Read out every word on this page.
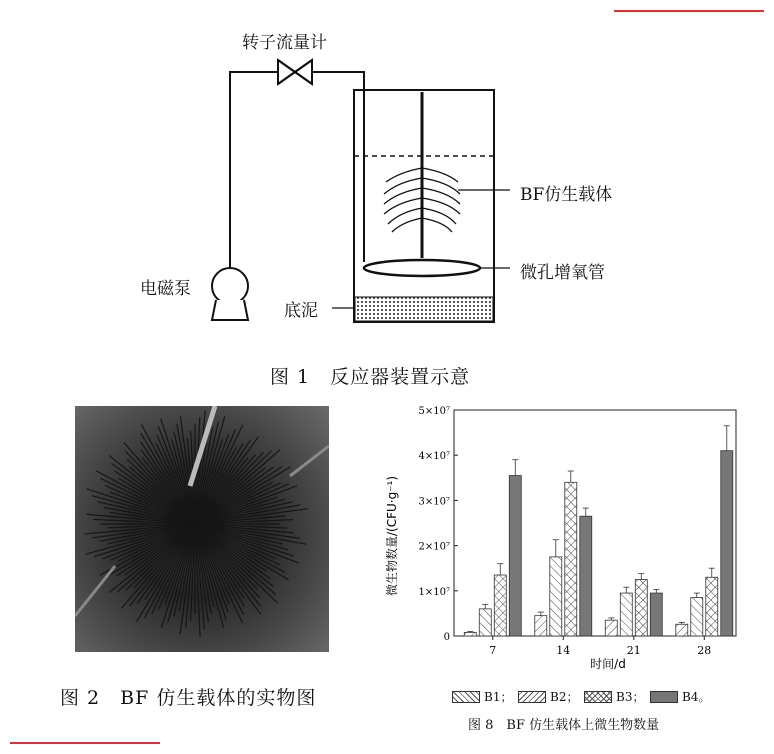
转子流量计
BF仿生载体
微孔增氧管
电磁泵
底泥
图 1　反应器装置示意
图 2　BF 仿生载体的实物图
0
1×10⁷
2×10⁷
3×10⁷
4×10⁷
5×10⁷
7	14	21	28
微生物数量/(CFU·g⁻¹)
时间/d
B1；	B2；	B3；	B4。
图 8　BF 仿生载体上微生物数量
